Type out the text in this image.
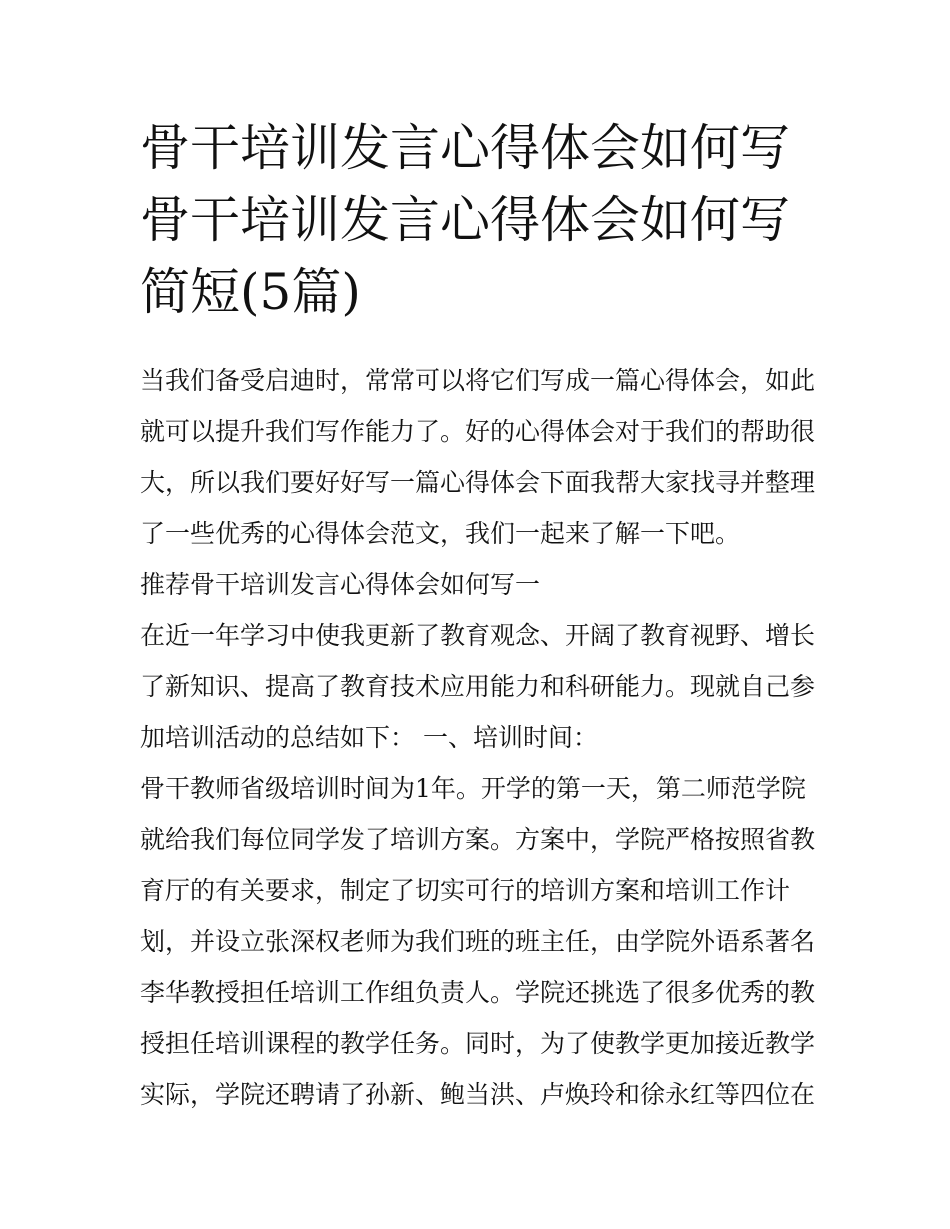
骨干培训发言心得体会如何写
骨干培训发言心得体会如何写
简短(5篇)
当我们备受启迪时，常常可以将它们写成一篇心得体会，如此
就可以提升我们写作能力了。好的心得体会对于我们的帮助很
大，所以我们要好好写一篇心得体会下面我帮大家找寻并整理
了一些优秀的心得体会范文，我们一起来了解一下吧。
推荐骨干培训发言心得体会如何写一
在近一年学习中使我更新了教育观念、开阔了教育视野、增长
了新知识、提高了教育技术应用能力和科研能力。现就自己参
加培训活动的总结如下： 一、培训时间：
骨干教师省级培训时间为1年。开学的第一天，第二师范学院
就给我们每位同学发了培训方案。方案中，学院严格按照省教
育厅的有关要求，制定了切实可行的培训方案和培训工作计
划，并设立张深权老师为我们班的班主任，由学院外语系著名
李华教授担任培训工作组负责人。学院还挑选了很多优秀的教
授担任培训课程的教学任务。同时，为了使教学更加接近教学
实际，学院还聘请了孙新、鲍当洪、卢焕玲和徐永红等四位在
